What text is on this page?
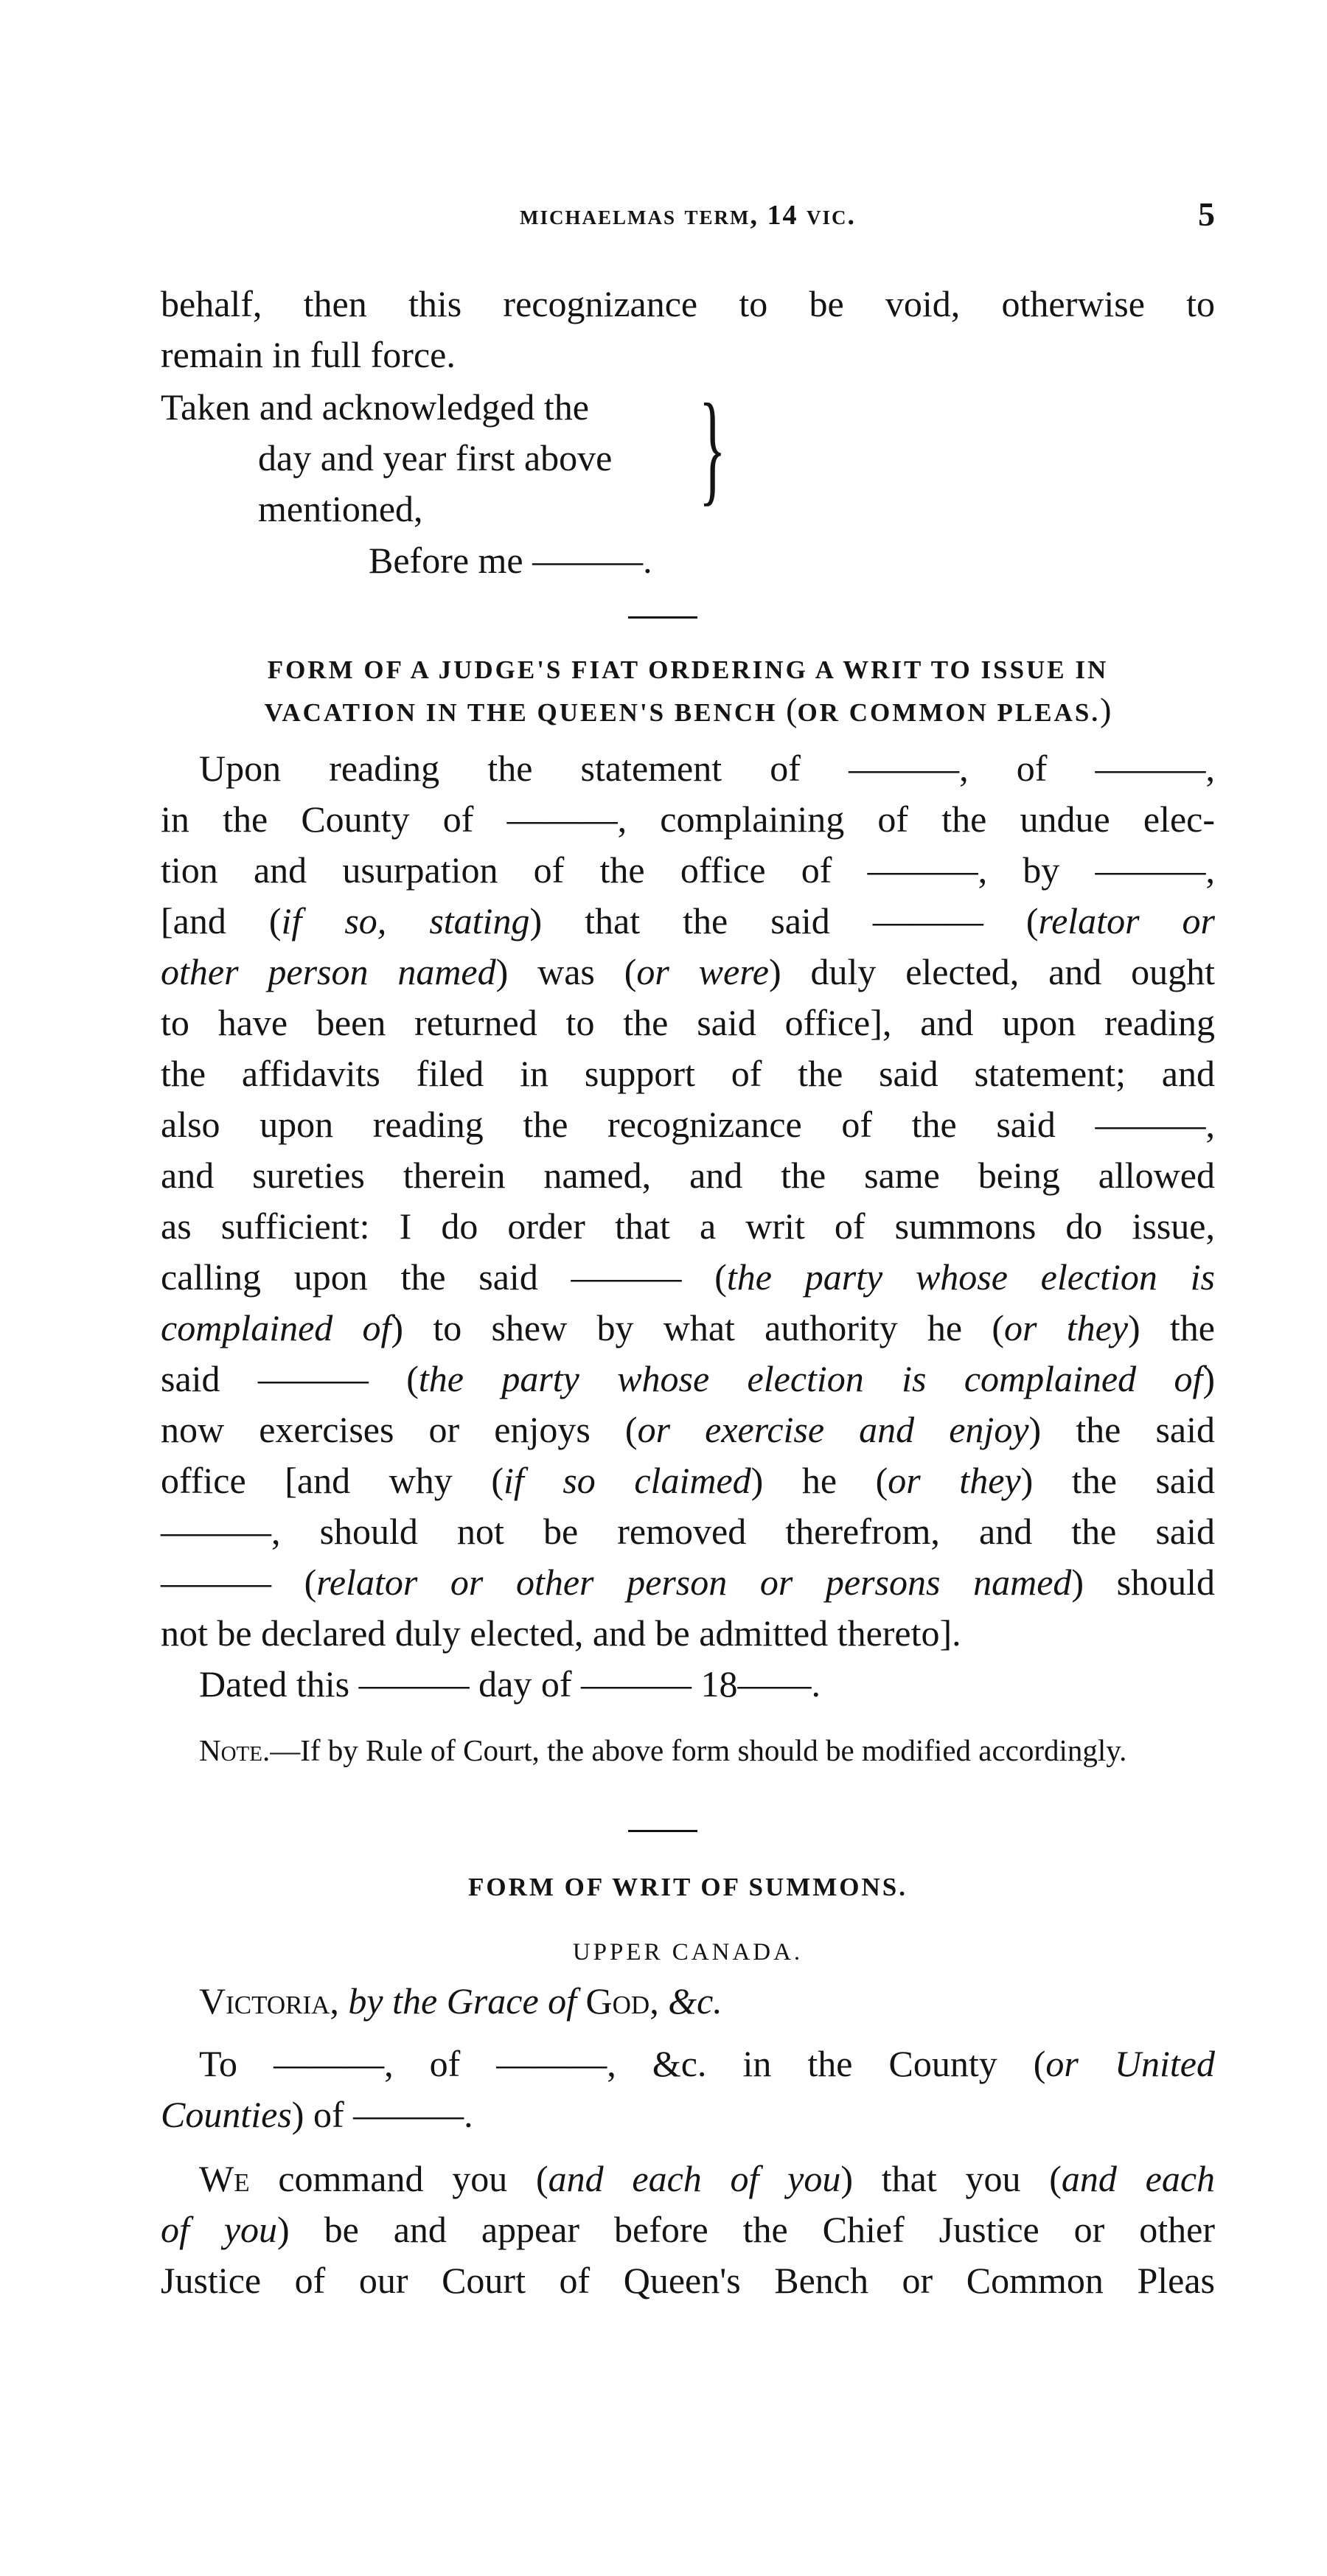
michaelmas term, 14 vic.	5

behalf, then this recognizance to be void, otherwise to

remain in full force.

Taken and acknowledged the
day and year first above
mentioned,	}
Before me ———.
FORM OF A JUDGE'S FIAT ORDERING A WRIT TO ISSUE IN
VACATION IN THE QUEEN'S BENCH (OR COMMON PLEAS.)

Upon reading the statement of ———, of ———,

in the County of ———, complaining of the undue elec-

tion and usurpation of the office of ———, by ———,

[and (if so, stating) that the said ——— (relator or

other person named) was (or were) duly elected, and ought

to have been returned to the said office], and upon reading

the affidavits filed in support of the said statement; and

also upon reading the recognizance of the said ———,

and sureties therein named, and the same being allowed

as sufficient: I do order that a writ of summons do issue,

calling upon the said ——— (the party whose election is

complained of) to shew by what authority he (or they) the

said ——— (the party whose election is complained of)

now exercises or enjoys (or exercise and enjoy) the said

office [and why (if so claimed) he (or they) the said

———, should not be removed therefrom, and the said

——— (relator or other person or persons named) should

not be declared duly elected, and be admitted thereto].

Dated this ——— day of ——— 18——.

Note.—If by Rule of Court, the above form should be modified accordingly.

FORM OF WRIT OF SUMMONS.
UPPER CANADA.

Victoria, by the Grace of God, &c.

To ———, of ———, &c. in the County (or United

Counties) of ———.

We command you (and each of you) that you (and each

of you) be and appear before the Chief Justice or other

Justice of our Court of Queen's Bench or Common Pleas
